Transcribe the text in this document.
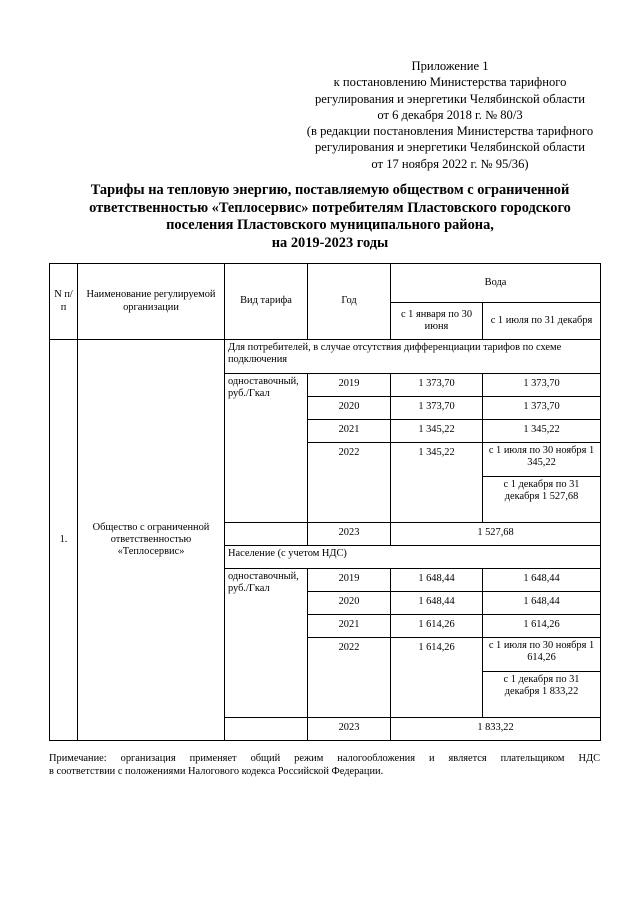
Приложение 1
к постановлению Министерства тарифного
регулирования и энергетики Челябинской области
от 6 декабря 2018 г. № 80/3
(в редакции постановления Министерства тарифного
регулирования и энергетики Челябинской области
от 17 ноября 2022 г. № 95/36)
Тарифы на тепловую энергию, поставляемую обществом с ограниченной
ответственностью «Теплосервис» потребителям Пластовского городского
поселения Пластовского муниципального района,
на 2019-2023 годы
N п/п	Наименование регулируемой организации	Вид тарифа	Год	Вода	
				с 1 января по 30 июня	с 1 июля по 31 декабря
1.	Общество с ограниченной ответственностью «Теплосервис»	Для потребителей, в случае отсутствия дифференциации тарифов по схеме подключения			
		одноставочный, руб./Гкал	2019	1 373,70	1 373,70
			2020	1 373,70	1 373,70
			2021	1 345,22	1 345,22
			2022	1 345,22	с 1 июля по 30 ноября 1 345,22
					с 1 декабря по 31 декабря 1 527,68
			2023	1 527,68	
		Население (с учетом НДС)			
		одноставочный, руб./Гкал	2019	1 648,44	1 648,44
			2020	1 648,44	1 648,44
			2021	1 614,26	1 614,26
			2022	1 614,26	с 1 июля по 30 ноября 1 614,26
					с 1 декабря по 31 декабря 1 833,22
			2023	1 833,22	
Примечание: организация применяет общий режим налогообложения и является плательщиком НДС
в соответствии с положениями Налогового кодекса Российской Федерации.
